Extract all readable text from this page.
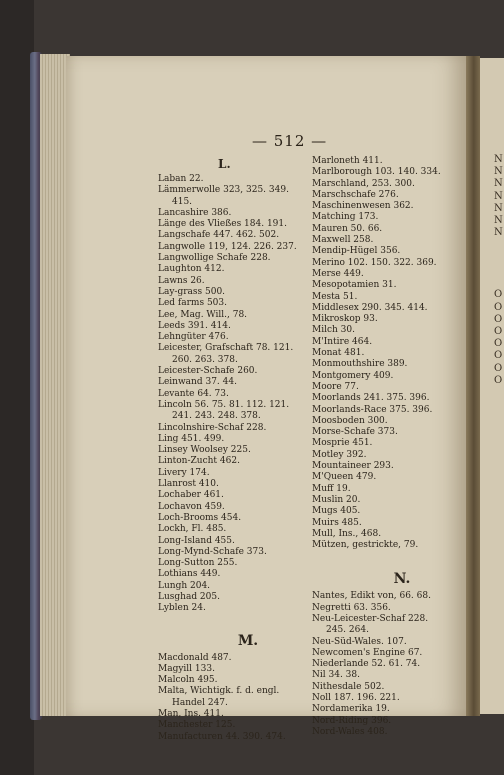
N
N
N
N
N
N
N
O
O
O
O
O
O
O
O
— 512 —
L.
Laban 22.
Lämmerwolle 323, 325. 349.
415.
Lancashire 386.
Länge des Vließes 184. 191.
Langschafe 447. 462. 502.
Langwolle 119, 124. 226. 237.
Langwollige Schafe 228.
Laughton 412.
Lawns 26.
Lay-grass 500.
Led farms 503.
Lee, Mag. Will., 78.
Leeds 391. 414.
Lehngüter 476.
Leicester, Grafschaft 78. 121.
260. 263. 378.
Leicester-Schafe 260.
Leinwand 37. 44.
Levante 64. 73.
Lincoln 56. 75. 81. 112. 121.
241. 243. 248. 378.
Lincolnshire-Schaf 228.
Ling 451. 499.
Linsey Woolsey 225.
Linton-Zucht 462.
Livery 174.
Llanrost 410.
Lochaber 461.
Lochavon 459.
Loch-Brooms 454.
Lockh, Fl. 485.
Long-Island 455.
Long-Mynd-Schafe 373.
Long-Sutton 255.
Lothians 449.
Lungh 204.
Lusghad 205.
Lyblen 24.
M.
Macdonald 487.
Magyill 133.
Malcoln 495.
Malta, Wichtigk. f. d. engl.
Handel 247.
Man, Ins. 411.
Manchester 125.
Manufacturen 44. 390. 474.
Marloneth 411.
Marlborough 103. 140. 334.
Marschland, 253. 300.
Marschschafe 276.
Maschinenwesen 362.
Matching 173.
Mauren 50. 66.
Maxwell 258.
Mendip-Hügel 356.
Merino 102. 150. 322. 369.
Merse 449.
Mesopotamien 31.
Mesta 51.
Middlesex 290. 345. 414.
Mikroskop 93.
Milch 30.
M'Intire 464.
Monat 481.
Monmouthshire 389.
Montgomery 409.
Moore 77.
Moorlands 241. 375. 396.
Moorlands-Race 375. 396.
Moosboden 300.
Morse-Schafe 373.
Mosprie 451.
Motley 392.
Mountaineer 293.
M'Queen 479.
Muff 19.
Muslin 20.
Mugs 405.
Muirs 485.
Mull, Ins., 468.
Mützen, gestrickte, 79.
N.
Nantes, Edikt von, 66. 68.
Negretti 63. 356.
Neu-Leicester-Schaf 228.
245. 264.
Neu-Süd-Wales. 107.
Newcomen's Engine 67.
Niederlande 52. 61. 74.
Nil 34. 38.
Nithesdale 502.
Noll 187. 196. 221.
Nordamerika 19.
Nord-Riding 396.
Nord-Wales 408.
